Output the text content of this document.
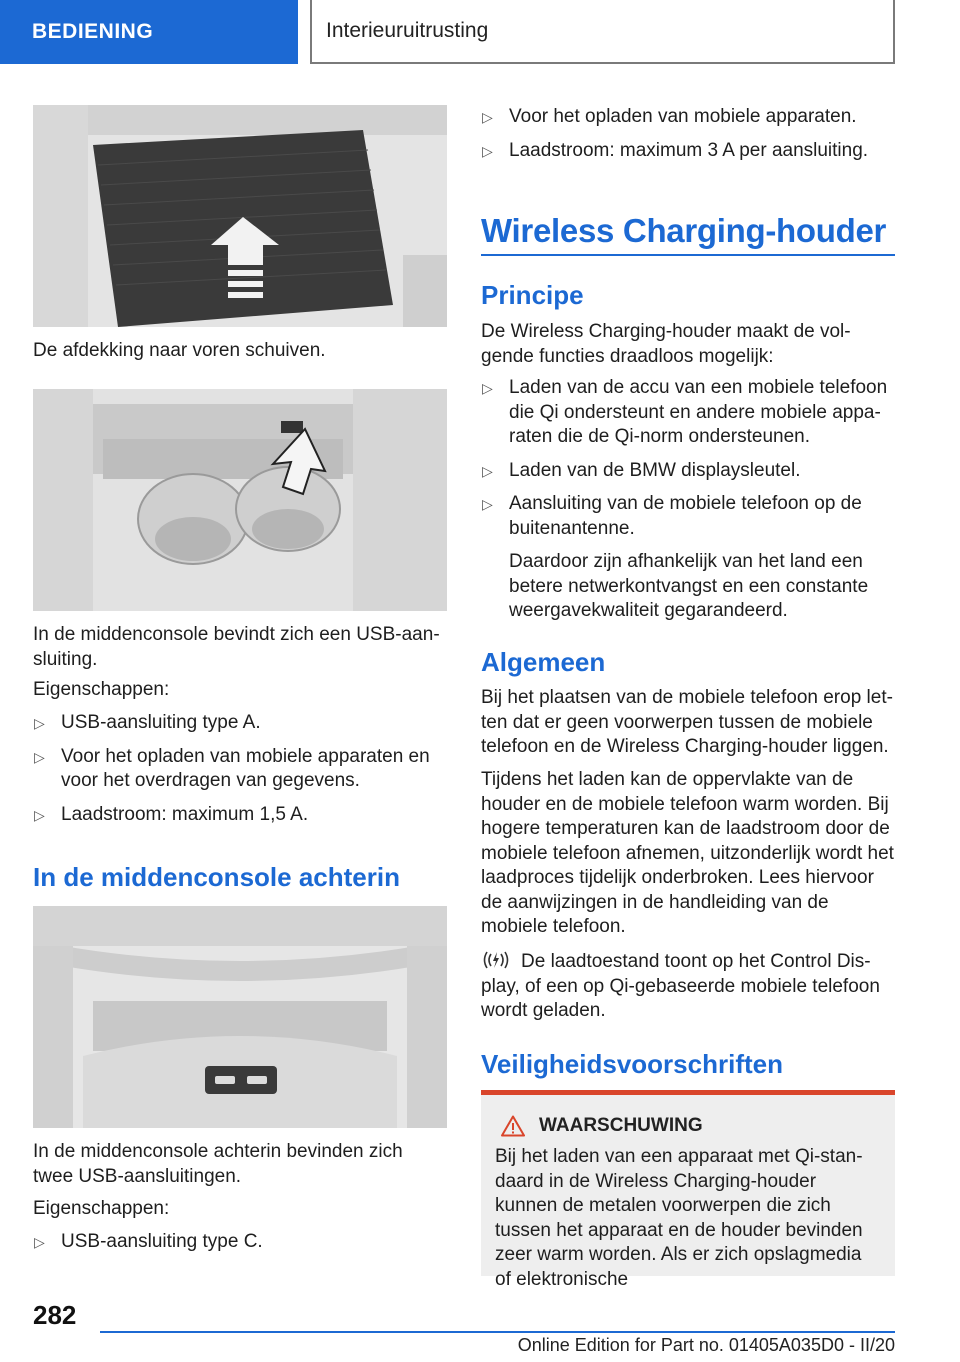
BEDIENING	Interieuruitrusting

De afdekking naar voren schuiven.

In de middenconsole bevindt zich een USB-aansluiting.

Eigenschappen:

▷ USB-aansluiting type A.
▷ Voor het opladen van mobiele apparaten en voor het overdragen van gegevens.
▷ Laadstroom: maximum 1,5 A.
In de middenconsole achterin

In de middenconsole achterin bevinden zich twee USB-aansluitingen.

Eigenschappen:

▷ USB-aansluiting type C.
▷ Voor het opladen van mobiele apparaten.
▷ Laadstroom: maximum 3 A per aansluiting.
Wireless Charging-houder
Principe

De Wireless Charging-houder maakt de volgende functies draadloos mogelijk:

▷ Laden van de accu van een mobiele telefoon die Qi ondersteunt en andere mobiele apparaten die de Qi-norm ondersteunen.
▷ Laden van de BMW displaysleutel.
▷ Aansluiting van de mobiele telefoon op de buitenantenne.
Daardoor zijn afhankelijk van het land een betere netwerkontvangst en een constante weergavekwaliteit gegarandeerd.
Algemeen

Bij het plaatsen van de mobiele telefoon erop letten dat er geen voorwerpen tussen de mobiele telefoon en de Wireless Charging-houder liggen.

Tijdens het laden kan de oppervlakte van de houder en de mobiele telefoon warm worden. Bij hogere temperaturen kan de laadstroom door de mobiele telefoon afnemen, uitzonderlijk wordt het laadproces tijdelijk onderbroken. Lees hiervoor de aanwijzingen in de handleiding van de mobiele telefoon.

De laadtoestand toont op het Control Display, of een op Qi-gebaseerde mobiele telefoon wordt geladen.

Veiligheidsvoorschriften
WAARSCHUWING
Bij het laden van een apparaat met Qi-standaard in de Wireless Charging-houder kunnen de metalen voorwerpen die zich tussen het apparaat en de houder bevinden zeer warm worden. Als er zich opslagmedia of elektronische
282
Online Edition for Part no. 01405A035D0 - II/20
